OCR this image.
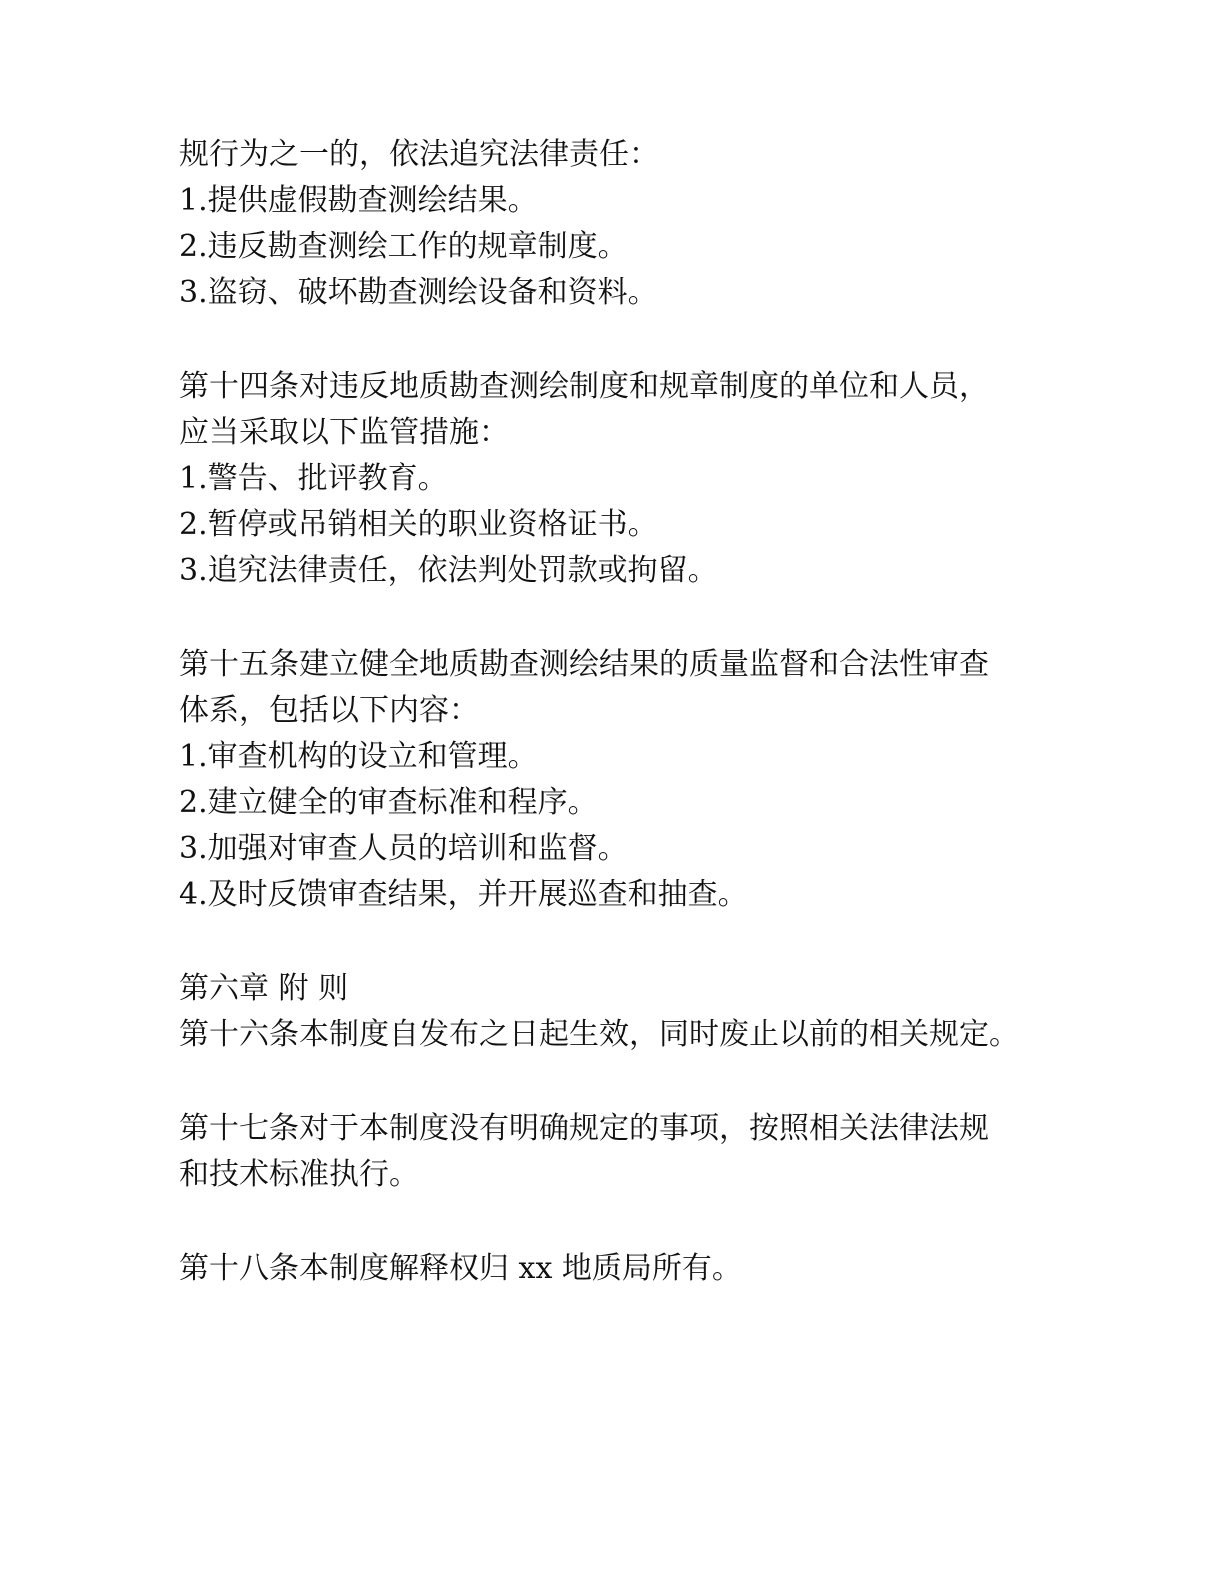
规行为之一的，依法追究法律责任：
1.提供虚假勘查测绘结果。
2.违反勘查测绘工作的规章制度。
3.盗窃、破坏勘查测绘设备和资料。
第十四条对违反地质勘查测绘制度和规章制度的单位和人员，
应当采取以下监管措施：
1.警告、批评教育。
2.暂停或吊销相关的职业资格证书。
3.追究法律责任，依法判处罚款或拘留。
第十五条建立健全地质勘查测绘结果的质量监督和合法性审查
体系，包括以下内容：
1.审查机构的设立和管理。
2.建立健全的审查标准和程序。
3.加强对审查人员的培训和监督。
4.及时反馈审查结果，并开展巡查和抽查。
第六章 附 则
第十六条本制度自发布之日起生效，同时废止以前的相关规定。
第十七条对于本制度没有明确规定的事项，按照相关法律法规
和技术标准执行。
第十八条本制度解释权归 xx 地质局所有。
